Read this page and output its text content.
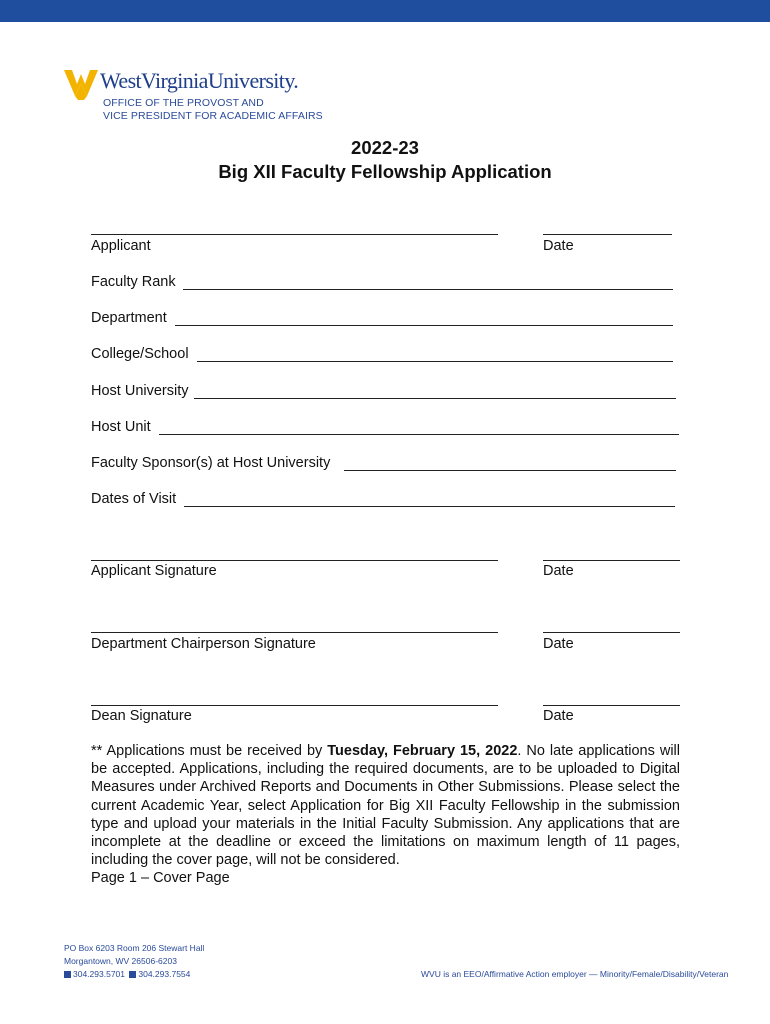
WestVirginiaUniversity.
OFFICE OF THE PROVOST AND
VICE PRESIDENT FOR ACADEMIC AFFAIRS
2022-23
Big XII Faculty Fellowship Application
Applicant	Date
Faculty Rank
Department
College/School
Host University
Host Unit
Faculty Sponsor(s) at Host University
Dates of Visit
Applicant Signature	Date
Department Chairperson Signature	Date
Dean Signature	Date
** Applications must be received by Tuesday, February 15, 2022. No late applications will be accepted. Applications, including the required documents, are to be uploaded to Digital Measures under Archived Reports and Documents in Other Submissions. Please select the current Academic Year, select Application for Big XII Faculty Fellowship in the submission type and upload your materials in the Initial Faculty Submission. Any applications that are incomplete at the deadline or exceed the limitations on maximum length of 11 pages, including the cover page, will not be considered.
Page 1 – Cover Page
PO Box 6203 Room 206 Stewart Hall
Morgantown, WV 26506-6203
304.293.5701 304.293.7554	WVU is an EEO/Affirmative Action employer — Minority/Female/Disability/Veteran
